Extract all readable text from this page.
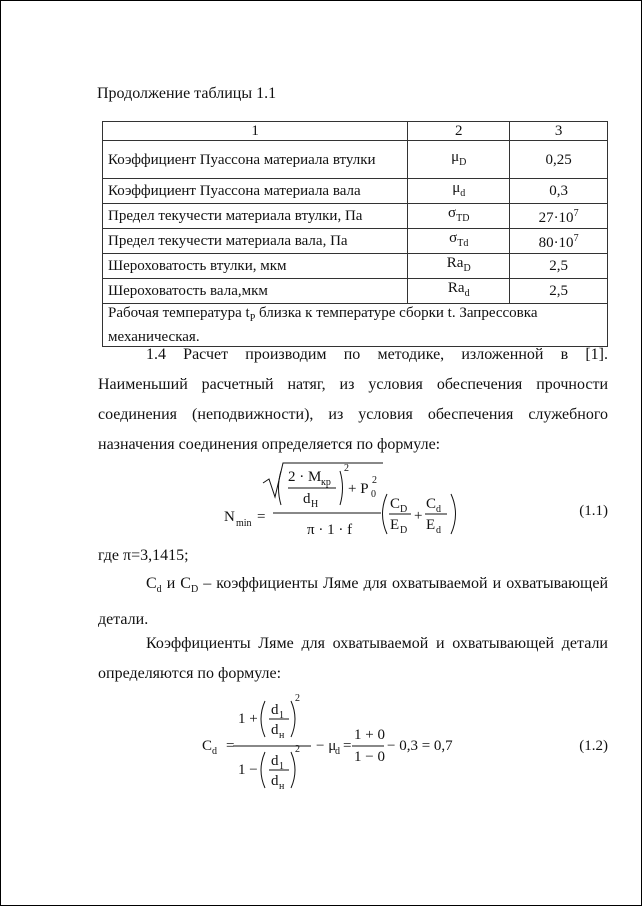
Продолжение таблицы 1.1
1	2	3
Коэффициент Пуассона материала втулки	$\mu_D$	0,25
Коэффициент Пуассона материала вала	$\mu_d$	0,3
Предел текучести материала втулки, Па	$\sigma_{TD}$	$27\cdot 10^7$
Предел текучести материала вала, Па	$\sigma_{Td}$	$80\cdot 10^7$
Шероховатость втулки, мкм	$Ra_D$	2,5
Шероховатость вала,мкм	$Ra_d$	2,5
Рабочая температура $t_P$ близка к температуре сборки t. Запрессовка механическая.		
1.4 Расчет производим по методике, изложенной в [1]. Наименьший расчетный натяг, из условия обеспечения прочности соединения (неподвижности), из условия обеспечения служебного назначения соединения определяется по формуле:
N min =
2 · M кр
d H
2
+ P 0
2
π · 1 · f
C D
E D
+
C d
E d
(1.1)
где π=3,1415;
$C_d$ и $C_D$ – коэффициенты Ляме для охватываемой и охватывающей детали.
Коэффициенты Ляме для охватываемой и охватывающей детали определяются по формуле:
C d =
1 +
d 1
d н
2
1 −
d 1
d н
2 − μ
d =
1 + 0
1 − 0
− 0,3 = 0,7	(1.2)
